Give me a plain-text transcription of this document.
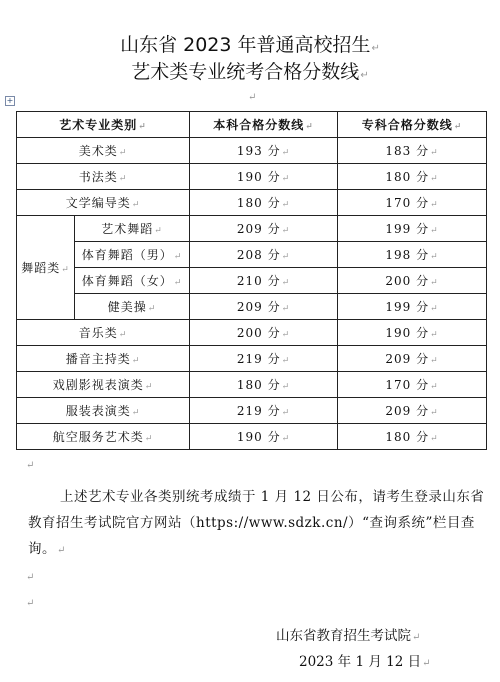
山东省 2023 年普通高校招生↵
艺术类专业统考合格分数线↵
↵
+
艺术专业类别↵		本科合格分数线↵	专科合格分数线↵
美术类↵		193 分↵	183 分↵
书法类↵		190 分↵	180 分↵
文学编导类↵		180 分↵	170 分↵
舞蹈类↵	艺术舞蹈↵	209 分↵	199 分↵
	体育舞蹈（男）↵	208 分↵	198 分↵
	体育舞蹈（女）↵	210 分↵	200 分↵
	健美操↵	209 分↵	199 分↵
音乐类↵		200 分↵	190 分↵
播音主持类↵		219 分↵	209 分↵
戏剧影视表演类↵		180 分↵	170 分↵
服装表演类↵		219 分↵	209 分↵
航空服务艺术类↵		190 分↵	180 分↵
↵
上述艺术专业各类别统考成绩于 1 月 12 日公布，请考生登录山东省教育招生考试院官方网站（https://www.sdzk.cn/）“查询系统”栏目查询。↵
↵
↵
山东省教育招生考试院↵
2023 年 1 月 12 日↵
